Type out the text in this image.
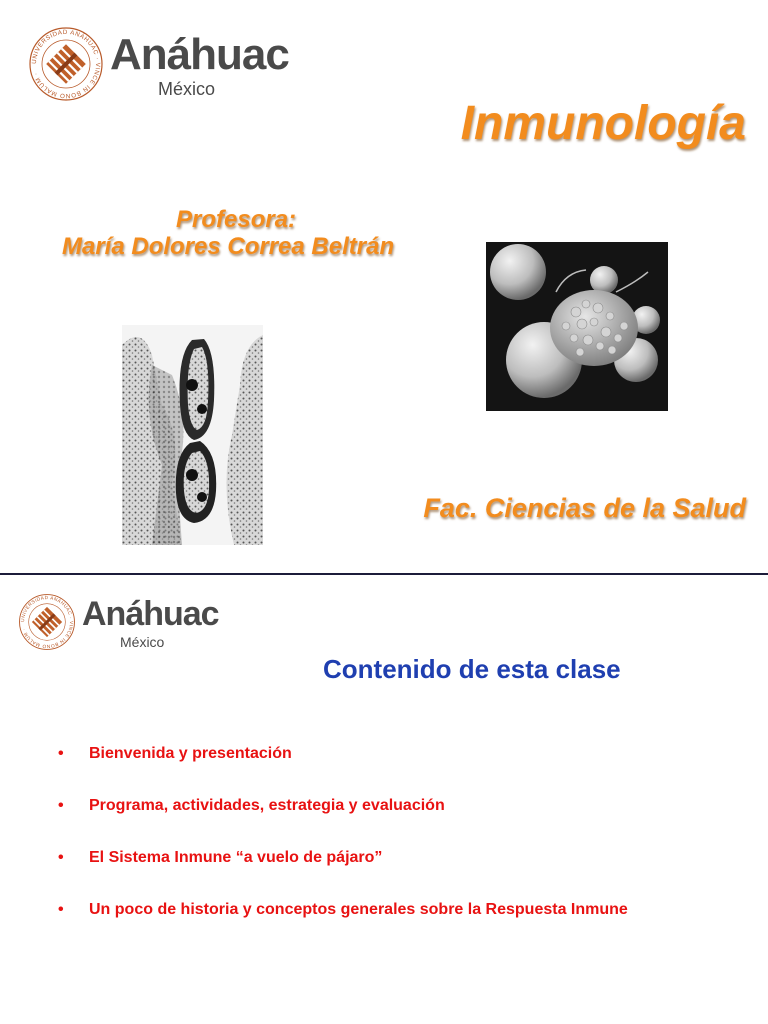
UNIVERSIDAD ANÁHUAC · VINCE IN BONO MALUM ·	Anáhuac
México
Inmunología
Profesora:
María Dolores Correa Beltrán
Fac. Ciencias de la Salud
UNIVERSIDAD ANÁHUAC · VINCE IN BONO MALUM ·	Anáhuac
México
Contenido de esta clase
• Bienvenida y presentación
• Programa, actividades, estrategia y evaluación
• El Sistema Inmune “a vuelo de pájaro”
• Un poco de historia y conceptos generales sobre la Respuesta Inmune
